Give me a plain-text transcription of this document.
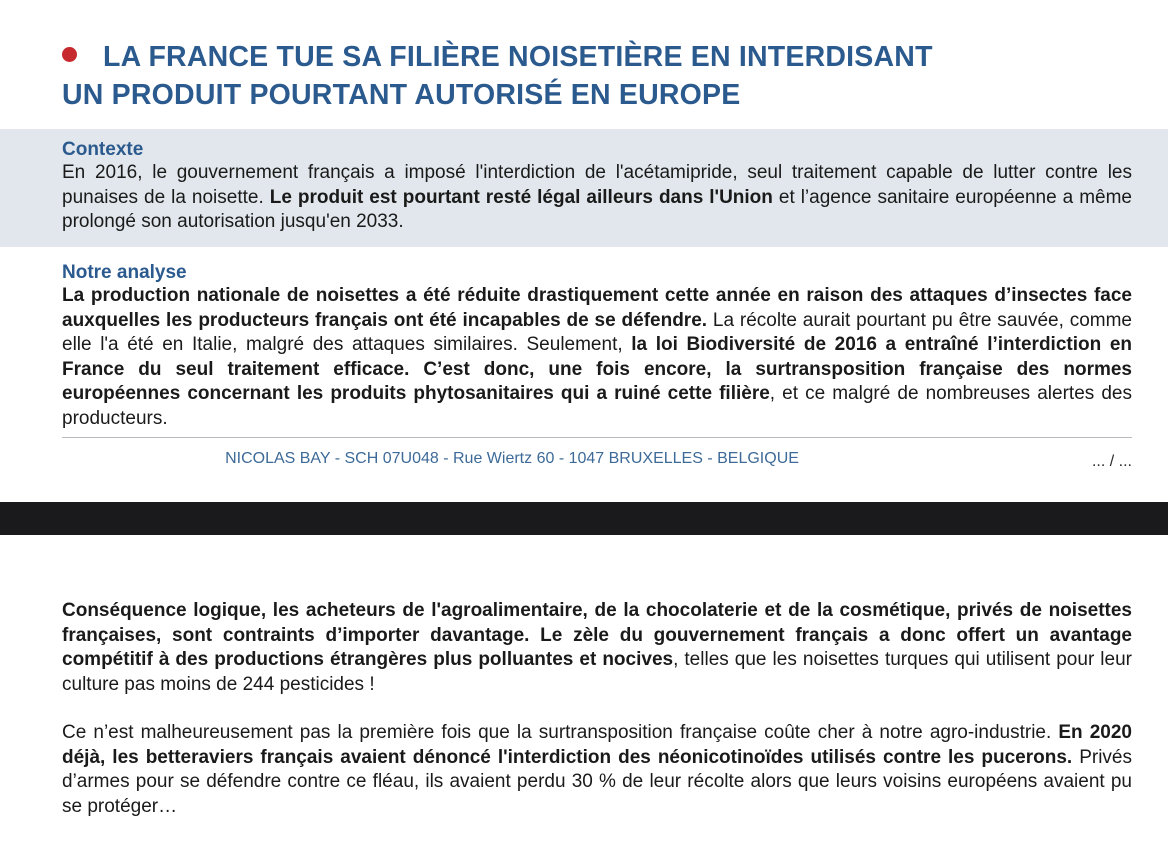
LA FRANCE TUE SA FILIÈRE NOISETIÈRE EN INTERDISANT
UN PRODUIT POURTANT AUTORISÉ EN EUROPE
Contexte
En 2016, le gouvernement français a imposé l'interdiction de l'acétamipride, seul traitement capable de lutter contre les punaises de la noisette. Le produit est pourtant resté légal ailleurs dans l'Union et l’agence sanitaire européenne a même prolongé son autorisation jusqu'en 2033.
Notre analyse
La production nationale de noisettes a été réduite drastiquement cette année en raison des attaques d’insectes face auxquelles les producteurs français ont été incapables de se défendre. La récolte aurait pourtant pu être sauvée, comme elle l'a été en Italie, malgré des attaques similaires. Seulement, la loi Biodiversité de 2016 a entraîné l’interdiction en France du seul traitement efficace. C’est donc, une fois encore, la surtransposition française des normes européennes concernant les produits phytosanitaires qui a ruiné cette filière, et ce malgré de nombreuses alertes des producteurs.
NICOLAS BAY - SCH 07U048 - Rue Wiertz 60 - 1047 BRUXELLES - BELGIQUE	... / ...
Conséquence logique, les acheteurs de l'agroalimentaire, de la chocolaterie et de la cosmétique, privés de noisettes françaises, sont contraints d’importer davantage. Le zèle du gouvernement français a donc offert un avantage compétitif à des productions étrangères plus polluantes et nocives, telles que les noisettes turques qui utilisent pour leur culture pas moins de 244 pesticides !
Ce n’est malheureusement pas la première fois que la surtransposition française coûte cher à notre agro-industrie. En 2020 déjà, les betteraviers français avaient dénoncé l'interdiction des néonicotinoïdes utilisés contre les pucerons. Privés d’armes pour se défendre contre ce fléau, ils avaient perdu 30 % de leur récolte alors que leurs voisins européens avaient pu se protéger…
